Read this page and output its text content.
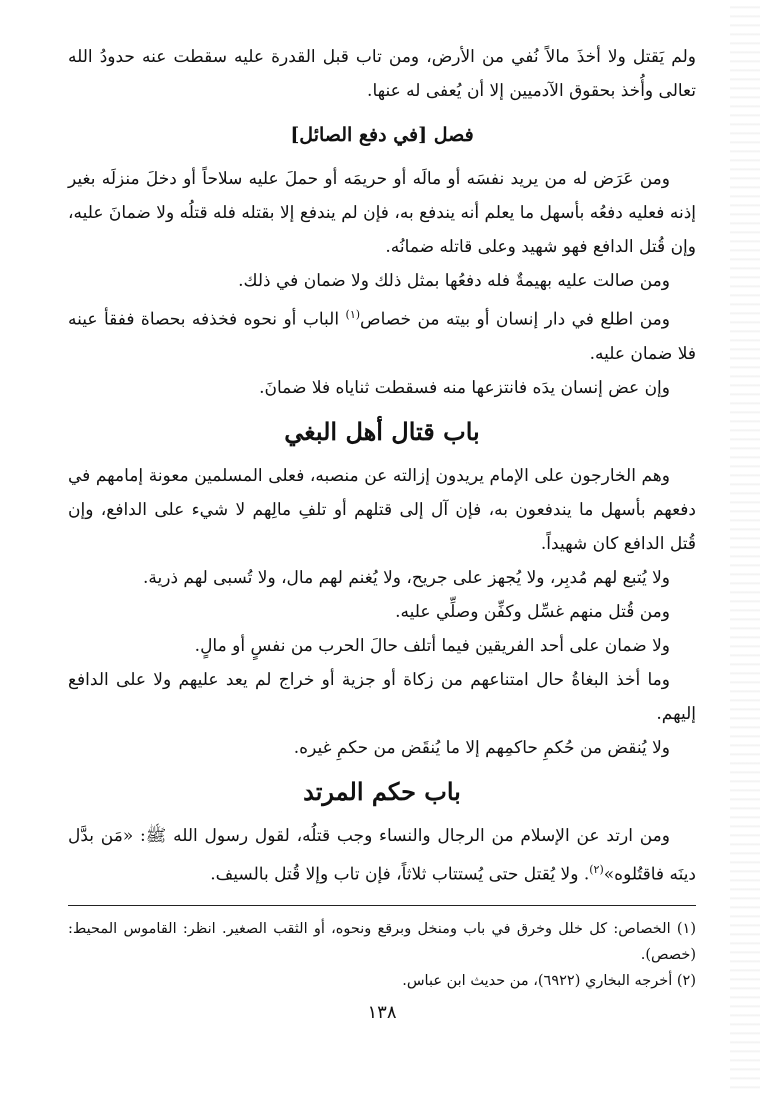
ولم يَقتل ولا أخذَ مالاً نُفي من الأرض، ومن تاب قبل القدرة عليه سقطت عنه حدودُ الله تعالى وأُخذ بحقوق الآدميين إلا أن يُعفى له عنها.

فصل [في دفع الصائل]

ومن عَرَض له من يريد نفسَه أو مالَه أو حريمَه أو حملَ عليه سلاحاً أو دخلَ منزلَه بغير إذنه فعليه دفعُه بأسهل ما يعلم أنه يندفع به، فإن لم يندفع إلا بقتله فله قتلُه ولا ضمانَ عليه، وإن قُتل الدافع فهو شهيد وعلى قاتله ضمانُه.

ومن صالت عليه بهيمةٌ فله دفعُها بمثل ذلك ولا ضمان في ذلك.

ومن اطلع في دار إنسان أو بيته من خصاص$^{(١)}$ الباب أو نحوه فخذفه بحصاة ففقأ عينه فلا ضمان عليه.

وإن عض إنسان يدَه فانتزعها منه فسقطت ثناياه فلا ضمانَ.

باب قتال أهل البغي

وهم الخارجون على الإمام يريدون إزالته عن منصبه، فعلى المسلمين معونة إمامهم في دفعهم بأسهل ما يندفعون به، فإن آل إلى قتلهم أو تلفِ مالِهم لا شيء على الدافع، وإن قُتل الدافع كان شهيداً.

ولا يُتبع لهم مُدبِر، ولا يُجهز على جريح، ولا يُغنم لهم مال، ولا تُسبى لهم ذرية.

ومن قُتل منهم غسِّل وكفِّن وصلِّي عليه.

ولا ضمان على أحد الفريقين فيما أتلف حالَ الحرب من نفسٍ أو مالٍ.

وما أخذ البغاةُ حال امتناعهم من زكاة أو جزية أو خراج لم يعد عليهم ولا على الدافع إليهم.

ولا يُنقض من حُكمِ حاكمِهم إلا ما يُنقَض من حكمِ غيره.

باب حكم المرتد

ومن ارتد عن الإسلام من الرجال والنساء وجب قتلُه، لقول رسول الله ﷺ: «مَن بدَّل دينَه فاقتُلوه»$^{(٢)}$. ولا يُقتل حتى يُستتاب ثلاثاً، فإن تاب وإلا قُتل بالسيف.

(١) الخصاص: كل خلل وخرق في باب ومنخل وبرقع ونحوه، أو الثقب الصغير. انظر: القاموس المحيط: (خصص).

(٢) أخرجه البخاري (٦٩٢٢)، من حديث ابن عباس.

١٣٨
